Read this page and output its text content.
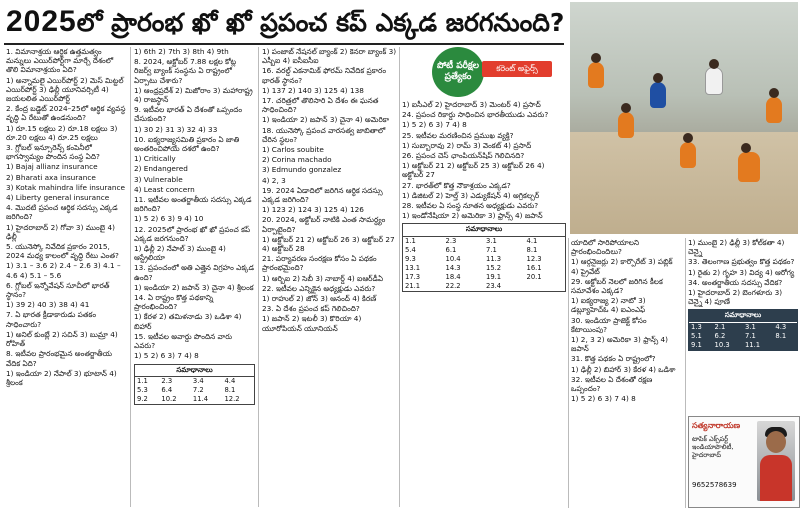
2025లో ప్రారంభ ఖో ఖో ప్రపంచ కప్ ఎక్కడ జరగనుంది?
పోటీ పరీక్షల ప్రత్యేకం
కరెంట్ అఫైర్స్
1. విమానాశ్రయ ఆర్థిక ఉత్తమత్వం మన్నులు ఎయిర్‌పోర్ట్‌గా మార్చే దేశంలో తొలి విమానాశ్రయం ఏది?
1) అన్నామలై ఎయిర్‌పోర్ట్ 2) మెస్ మిట్టల్ ఎయిర్‌పోర్ట్ 3) ఢిల్లీ యూనివర్సిటీ 4) జయలలిత ఎయిర్‌పోర్ట్
2. కేంద్ర బడ్జెట్ 2024–25లో ఆర్థిక వ్యవస్థ వృద్ధి ఏ రేటుతో ఉండనుంది?
1) రూ.15 లక్షలు 2) రూ.18 లక్షలు 3) రూ.20 లక్షలు 4) రూ.25 లక్షలు
3. గ్లోబల్ ఇన్సూరెన్స్ కంపెనీలో భాగస్వామ్యం పొందిన సంస్థ ఏది?
1) Bajaj allianz insurance
2) Bharati axa insurance
3) Kotak mahindra life insurance
4) Liberty general insurance
4. మొదటి ప్రపంచ ఆర్థిక సదస్సు ఎక్కడ జరిగింది?
1) హైదరాబాద్ 2) గోవా 3) ముంబై 4) ఢిల్లీ
5. యునెస్కో నివేదిక ప్రకారం 2015, 2024 మధ్య కాలంలో వృద్ధి రేటు ఎంత?
1) 3.1 – 3.6 2) 2.4 – 2.6 3) 4.1 – 4.6 4) 5.1 – 5.6
6. గ్లోబల్ ఇన్నోవేషన్ సూచీలో భారత్ స్థానం?
1) 39 2) 40 3) 38 4) 41
7. ఏ భారత క్రీడాకారుడు పతకం సాధించారు?
1) అనిల్ కుంబ్లే 2) సచిన్ 3) బుమ్రా 4) రోహిత్
8. ఇటీవల ప్రారంభమైన అంతర్జాతీయ వేదిక ఏది?
1) ఇండియా 2) నేపాల్ 3) భూటాన్ 4) శ్రీలంక
1) 6th 2) 7th 3) 8th 4) 9th
8. 2024, అక్టోబర్ 7.88 లక్షల కోట్ల రిజర్వ్ బ్యాంక్ సంస్థను ఏ రాష్ట్రంలో ఏర్పాటు చేశారు?
1) ఆంధ్రప్రదేశ్ 2) మిజోరాం 3) మహారాష్ట్ర 4) రాజస్థాన్
9. ఇటీవల భారత్ ఏ దేశంతో ఒప్పందం చేసుకుంది?
1) 30 2) 31 3) 32 4) 33
10. ఐక్యరాజ్యసమితి ప్రకారం ఏ జాతి అంతరించిపోయే దశలో ఉంది?
1) Critically
2) Endangered
3) Vulnerable
4) Least concern
11. ఇటీవల అంతర్జాతీయ సదస్సు ఎక్కడ జరిగింది?
1) 5 2) 6 3) 9 4) 10
12. 2025లో ప్రారంభ ఖో ఖో ప్రపంచ కప్ ఎక్కడ జరగనుంది?
1) ఢిల్లీ 2) నేపాల్ 3) ముంబై 4) ఆస్ట్రేలియా
13. ప్రపంచంలో అతి ఎత్తైన విగ్రహం ఎక్కడ ఉంది?
1) ఇండియా 2) జపాన్ 3) చైనా 4) శ్రీలంక
14. ఏ రాష్ట్రం కొత్త పథకాన్ని ప్రారంభించింది?
1) కేరళ 2) తమిళనాడు 3) ఒడిశా 4) బిహార్
15. ఇటీవల అవార్డు పొందిన వారు ఎవరు?
1) 5 2) 6 3) 7 4) 8
సమాధానాలు
1.1	2.3	3.4	4.4
5.3	6.4	7.2	8.1
9.2	10.2	11.4	12.2
1) పంజాబ్ నేషనల్ బ్యాంక్ 2) కెనరా బ్యాంక్ 3) ఎస్బీఐ 4) ఐసీఐసీఐ
16. వరల్డ్ ఎకనామిక్ ఫోరమ్ నివేదిక ప్రకారం భారత్ స్థానం?
1) 137 2) 140 3) 125 4) 138
17. చరిత్రలో తొలిసారి ఏ దేశం ఈ ఘనత సాధించింది?
1) ఇండియా 2) జపాన్ 3) చైనా 4) అమెరికా
18. యునెస్కో ప్రపంచ వారసత్వ జాబితాలో చేరిన స్థలం?
1) Carlos soubite
2) Corina machado
3) Edmundo gonzalez
4) 2, 3
19. 2024 ఏడాదిలో జరిగిన ఆర్థిక సదస్సు ఎక్కడ జరిగింది?
1) 123 2) 124 3) 125 4) 126
20. 2024, అక్టోబర్ నాటికి ఎంత సామర్థ్యం ఏర్పాటైంది?
1) అక్టోబర్ 21 2) అక్టోబర్ 26 3) అక్టోబర్ 27 4) అక్టోబర్ 28
21. పర్యావరణ సంరక్షణ కోసం ఏ పథకం ప్రారంభమైంది?
1) ఆర్బిఐ 2) సెబీ 3) నాబార్డ్ 4) ఐఆర్‌డీఏ
22. ఇటీవల ఎన్నికైన అధ్యక్షుడు ఎవరు?
1) రాహుల్ 2) జోన్ 3) ఆనంద్ 4) కిరణ్
23. ఏ దేశం ప్రపంచ కప్ గెలిచింది?
1) జపాన్ 2) ఇటలీ 3) కొరియా 4) యూరోపియన్ యూనియన్
1) ఐసీఎల్ 2) హైదరాబాద్ 3) మెంటర్ 4) ప్రసాద్
24. ప్రపంచ రికార్డు సాధించిన భారతీయుడు ఎవరు?
1) 5 2) 6 3) 7 4) 8
25. ఇటీవల మరణించిన ప్రముఖ వ్యక్తి?
1) సుబ్బారావు 2) రామ్ 3) వెంకట్ 4) ప్రసాద్
26. ప్రపంచ చెస్ ఛాంపియన్‌షిప్ గెలిచినది?
1) అక్టోబర్ 21 2) అక్టోబర్ 25 3) అక్టోబర్ 26 4) అక్టోబర్ 27
27. భారత్‌లో కొత్త నౌకాశ్రయం ఎక్కడ?
1) డిజిటల్ 2) హెల్త్ 3) ఎడ్యుకేషన్ 4) అగ్రికల్చర్
28. ఇటీవల ఏ సంస్థ నూతన అధ్యక్షుడు ఎవరు?
1) ఇండోనేషియా 2) అమెరికా 3) ఫ్రాన్స్ 4) జపాన్
సమాధానాలు
1.1	2.3	3.1	4.1
5.4	6.1	7.1	8.1
9.3	10.4	11.3	12.3
13.1	14.3	15.2	16.1
17.3	18.4	19.1	20.1
21.1	22.2	23.4	
యాదిలో సారిపోయాలని ప్రారంభించిందిలు?
1) ఆర్గనైజర్లు 2) కార్పొరేట్ 3) పబ్లిక్ 4) ప్రైవేట్
29. అక్టోబర్ నెలలో జరిగిన కీలక సమావేశం ఎక్కడ?
1) ఐక్యరాజ్య 2) నాటో 3) డబ్ల్యూహెచ్‌ఓ 4) ఐఎంఎఫ్
30. ఇండియా ప్రాజెక్ట్ కోసం కేటాయింపు?
1) 2, 3 2) అమెరికా 3) ఫ్రాన్స్ 4) జపాన్
31. కొత్త పథకం ఏ రాష్ట్రంలో?
1) ఢిల్లీ 2) బిహార్ 3) కేరళ 4) ఒడిశా
32. ఇటీవల ఏ దేశంతో రక్షణ ఒప్పందం?
1) 5 2) 6 3) 7 4) 8
1) ముంబై 2) ఢిల్లీ 3) కోల్‌కతా 4) చెన్నై
33. తెలంగాణ ప్రభుత్వం కొత్త పథకం?
1) రైతు 2) గృహ 3) విద్య 4) ఆరోగ్య
34. అంతర్జాతీయ సదస్సు వేదిక?
1) హైదరాబాద్ 2) బెంగళూరు 3) చెన్నై 4) పూణే
సమాధానాలు
1.3	2.1	3.1	4.3
5.1	6.2	7.1	8.1
9.1	10.3	11.1	
సత్యనారాయణ
టాపిక్ ఎక్స్‌పర్ట్ ఇండియాపొలిటీ, హైదరాబాద్
9652578639
